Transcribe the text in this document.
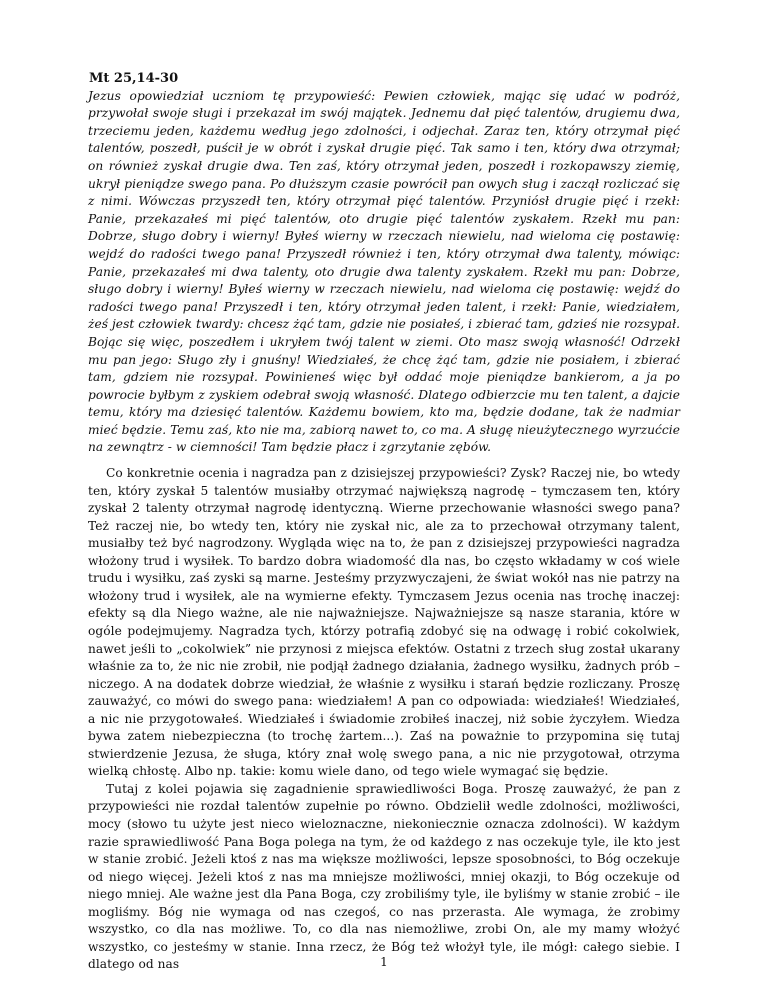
Mt 25,14-30

Jezus opowiedział uczniom tę przypowieść: Pewien człowiek, mając się udać w podróż, przywołał swoje sługi i przekazał im swój majątek. Jednemu dał pięć talentów, drugiemu dwa, trzeciemu jeden, każdemu według jego zdolności, i odjechał. Zaraz ten, który otrzymał pięć talentów, poszedł, puścił je w obrót i zyskał drugie pięć. Tak samo i ten, który dwa otrzymał; on również zyskał drugie dwa. Ten zaś, który otrzymał jeden, poszedł i rozkopawszy ziemię, ukrył pieniądze swego pana. Po dłuższym czasie powrócił pan owych sług i zaczął rozliczać się z nimi. Wówczas przyszedł ten, który otrzymał pięć talentów. Przyniósł drugie pięć i rzekł: Panie, przekazałeś mi pięć talentów, oto drugie pięć talentów zyskałem. Rzekł mu pan: Dobrze, sługo dobry i wierny! Byłeś wierny w rzeczach niewielu, nad wieloma cię postawię: wejdź do radości twego pana! Przyszedł również i ten, który otrzymał dwa talenty, mówiąc: Panie, przekazałeś mi dwa talenty, oto drugie dwa talenty zyskałem. Rzekł mu pan: Dobrze, sługo dobry i wierny! Byłeś wierny w rzeczach niewielu, nad wieloma cię postawię: wejdź do radości twego pana! Przyszedł i ten, który otrzymał jeden talent, i rzekł: Panie, wiedziałem, żeś jest człowiek twardy: chcesz żąć tam, gdzie nie posiałeś, i zbierać tam, gdzieś nie rozsypał. Bojąc się więc, poszedłem i ukryłem twój talent w ziemi. Oto masz swoją własność! Odrzekł mu pan jego: Sługo zły i gnuśny! Wiedziałeś, że chcę żąć tam, gdzie nie posiałem, i zbierać tam, gdziem nie rozsypał. Powinieneś więc był oddać moje pieniądze bankierom, a ja po powrocie byłbym z zyskiem odebrał swoją własność. Dlatego odbierzcie mu ten talent, a dajcie temu, który ma dziesięć talentów. Każdemu bowiem, kto ma, będzie dodane, tak że nadmiar mieć będzie. Temu zaś, kto nie ma, zabiorą nawet to, co ma. A sługę nieużytecznego wyrzućcie na zewnątrz - w ciemności! Tam będzie płacz i zgrzytanie zębów.

Co konkretnie ocenia i nagradza pan z dzisiejszej przypowieści? Zysk? Raczej nie, bo wtedy ten, który zyskał 5 talentów musiałby otrzymać największą nagrodę – tymczasem ten, który zyskał 2 talenty otrzymał nagrodę identyczną. Wierne przechowanie własności swego pana? Też raczej nie, bo wtedy ten, który nie zyskał nic, ale za to przechował otrzymany talent, musiałby też być nagrodzony. Wygląda więc na to, że pan z dzisiejszej przypowieści nagradza włożony trud i wysiłek. To bardzo dobra wiadomość dla nas, bo często wkładamy w coś wiele trudu i wysiłku, zaś zyski są marne. Jesteśmy przyzwyczajeni, że świat wokół nas nie patrzy na włożony trud i wysiłek, ale na wymierne efekty. Tymczasem Jezus ocenia nas trochę inaczej: efekty są dla Niego ważne, ale nie najważniejsze. Najważniejsze są nasze starania, które w ogóle podejmujemy. Nagradza tych, którzy potrafią zdobyć się na odwagę i robić cokolwiek, nawet jeśli to „cokolwiek” nie przynosi z miejsca efektów. Ostatni z trzech sług został ukarany właśnie za to, że nic nie zrobił, nie podjął żadnego działania, żadnego wysiłku, żadnych prób – niczego. A na dodatek dobrze wiedział, że właśnie z wysiłku i starań będzie rozliczany. Proszę zauważyć, co mówi do swego pana: wiedziałem! A pan co odpowiada: wiedziałeś! Wiedziałeś, a nic nie przygotowałeś. Wiedziałeś i świadomie zrobiłeś inaczej, niż sobie życzyłem. Wiedza bywa zatem niebezpieczna (to trochę żartem...). Zaś na poważnie to przypomina się tutaj stwierdzenie Jezusa, że sługa, który znał wolę swego pana, a nic nie przygotował, otrzyma wielką chłostę. Albo np. takie: komu wiele dano, od tego wiele wymagać się będzie.

Tutaj z kolei pojawia się zagadnienie sprawiedliwości Boga. Proszę zauważyć, że pan z przypowieści nie rozdał talentów zupełnie po równo. Obdzielił wedle zdolności, możliwości, mocy (słowo tu użyte jest nieco wieloznaczne, niekoniecznie oznacza zdolności). W każdym razie sprawiedliwość Pana Boga polega na tym, że od każdego z nas oczekuje tyle, ile kto jest w stanie zrobić. Jeżeli ktoś z nas ma większe możliwości, lepsze sposobności, to Bóg oczekuje od niego więcej. Jeżeli ktoś z nas ma mniejsze możliwości, mniej okazji, to Bóg oczekuje od niego mniej. Ale ważne jest dla Pana Boga, czy zrobiliśmy tyle, ile byliśmy w stanie zrobić – ile mogliśmy. Bóg nie wymaga od nas czegoś, co nas przerasta. Ale wymaga, że zrobimy wszystko, co dla nas możliwe. To, co dla nas niemożliwe, zrobi On, ale my mamy włożyć wszystko, co jesteśmy w stanie. Inna rzecz, że Bóg też włożył tyle, ile mógł: całego siebie. I dlatego od nas	1
